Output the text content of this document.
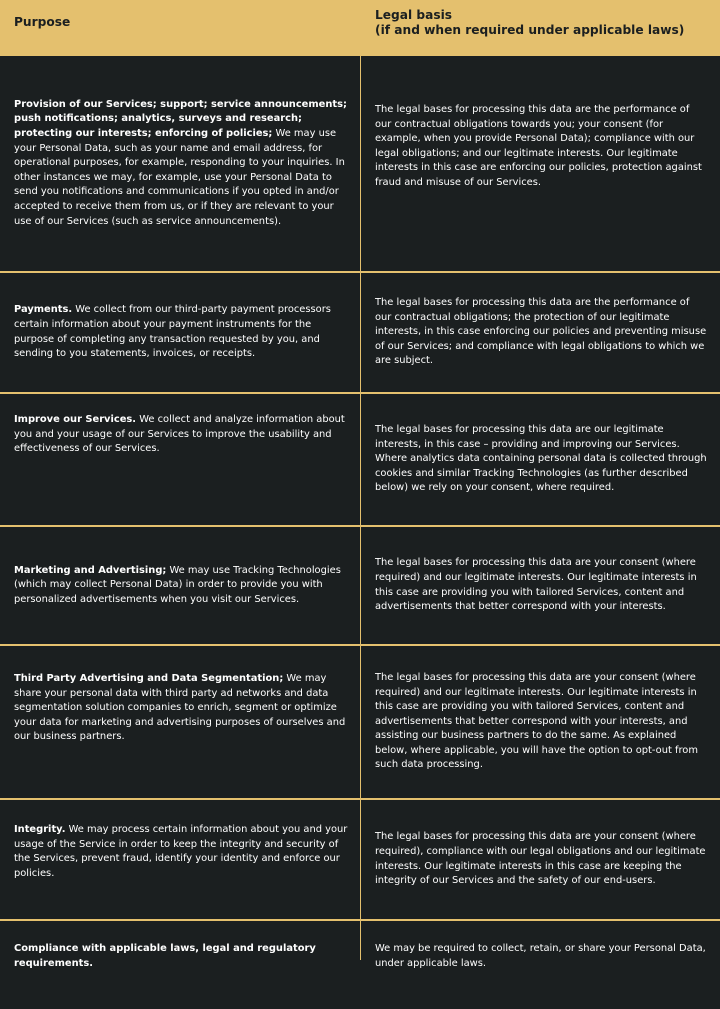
Purpose	Legal basis
(if and when required under applicable laws)
Provision of our Services; support; service announcements; push notifications; analytics, surveys and research; protecting our interests; enforcing of policies; We may use your Personal Data, such as your name and email address, for operational purposes, for example, responding to your inquiries. In other instances we may, for example, use your Personal Data to send you notifications and communications if you opted in and/or accepted to receive them from us, or if they are relevant to your use of our Services (such as service announcements).
The legal bases for processing this data are the performance of our contractual obligations towards you; your consent (for example, when you provide Personal Data); compliance with our legal obligations; and our legitimate interests. Our legitimate interests in this case are enforcing our policies, protection against fraud and misuse of our Services.
Payments. We collect from our third-party payment processors certain information about your payment instruments for the purpose of completing any transaction requested by you, and sending to you statements, invoices, or receipts.
The legal bases for processing this data are the performance of our contractual obligations; the protection of our legitimate interests, in this case enforcing our policies and preventing misuse of our Services; and compliance with legal obligations to which we are subject.
Improve our Services. We collect and analyze information about you and your usage of our Services to improve the usability and effectiveness of our Services.
The legal bases for processing this data are our legitimate interests, in this case – providing and improving our Services. Where analytics data containing personal data is collected through cookies and similar Tracking Technologies (as further described below) we rely on your consent, where required.
Marketing and Advertising; We may use Tracking Technologies (which may collect Personal Data) in order to provide you with personalized advertisements when you visit our Services.
The legal bases for processing this data are your consent (where required) and our legitimate interests. Our legitimate interests in this case are providing you with tailored Services, content and advertisements that better correspond with your interests.
Third Party Advertising and Data Segmentation; We may share your personal data with third party ad networks and data segmentation solution companies to enrich, segment or optimize your data for marketing and advertising purposes of ourselves and our business partners.
The legal bases for processing this data are your consent (where required) and our legitimate interests. Our legitimate interests in this case are providing you with tailored Services, content and advertisements that better correspond with your interests, and assisting our business partners to do the same. As explained below, where applicable, you will have the option to opt-out from such data processing.
Integrity. We may process certain information about you and your usage of the Service in order to keep the integrity and security of the Services, prevent fraud, identify your identity and enforce our policies.
The legal bases for processing this data are your consent (where required), compliance with our legal obligations and our legitimate interests. Our legitimate interests in this case are keeping the integrity of our Services and the safety of our end-users.
Compliance with applicable laws, legal and regulatory requirements.
We may be required to collect, retain, or share your Personal Data, under applicable laws.
